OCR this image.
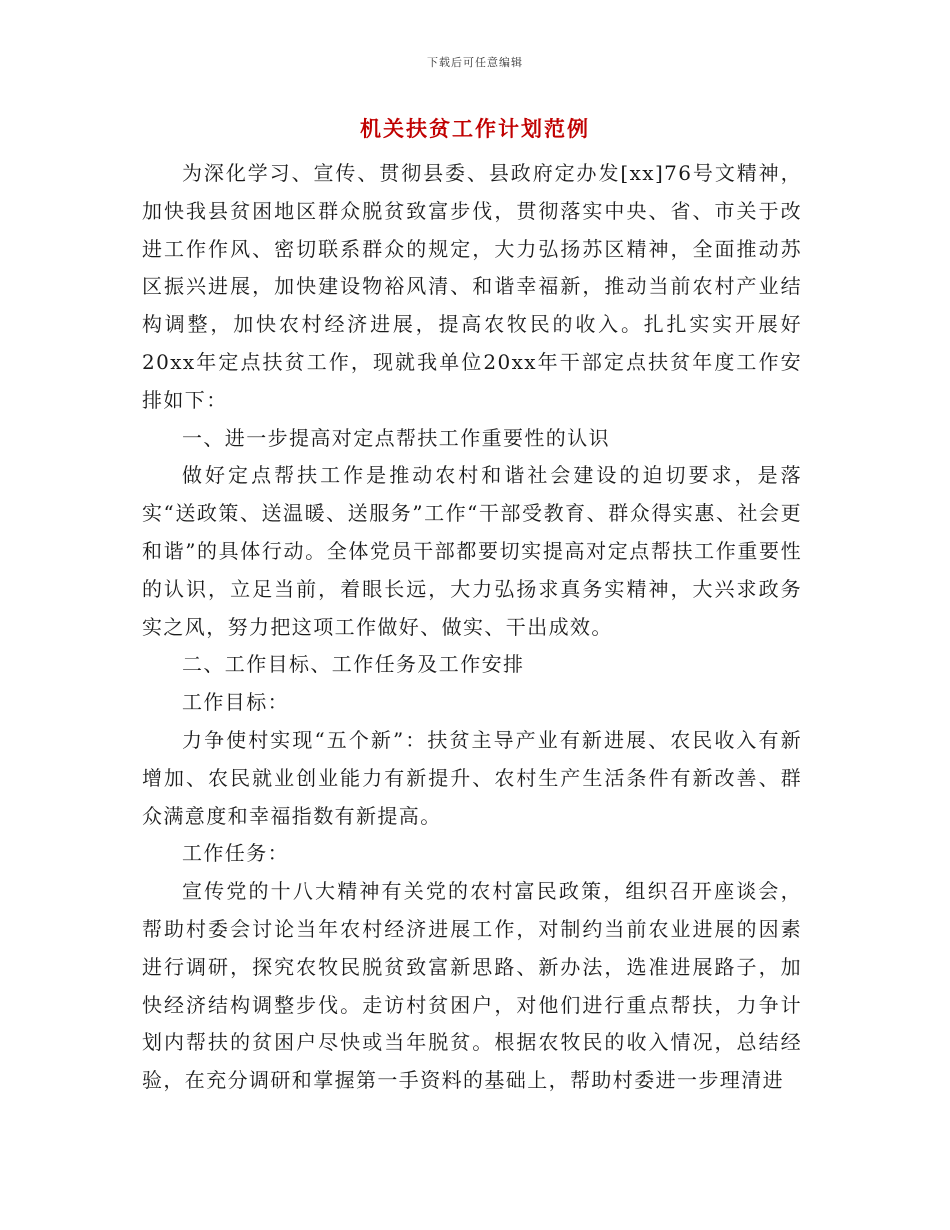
下载后可任意编辑
机关扶贫工作计划范例

为深化学习、宣传、贯彻县委、县政府定办发[xx]76号文精神，加快我县贫困地区群众脱贫致富步伐，贯彻落实中央、省、市关于改进工作作风、密切联系群众的规定，大力弘扬苏区精神，全面推动苏区振兴进展，加快建设物裕风清、和谐幸福新，推动当前农村产业结构调整，加快农村经济进展，提高农牧民的收入。扎扎实实开展好20xx年定点扶贫工作，现就我单位20xx年干部定点扶贫年度工作安排如下：

一、进一步提高对定点帮扶工作重要性的认识

做好定点帮扶工作是推动农村和谐社会建设的迫切要求，是落实“送政策、送温暖、送服务”工作“干部受教育、群众得实惠、社会更和谐”的具体行动。全体党员干部都要切实提高对定点帮扶工作重要性的认识，立足当前，着眼长远，大力弘扬求真务实精神，大兴求政务实之风，努力把这项工作做好、做实、干出成效。

二、工作目标、工作任务及工作安排

工作目标：

力争使村实现“五个新”：扶贫主导产业有新进展、农民收入有新增加、农民就业创业能力有新提升、农村生产生活条件有新改善、群众满意度和幸福指数有新提高。

工作任务：

宣传党的十八大精神有关党的农村富民政策，组织召开座谈会，帮助村委会讨论当年农村经济进展工作，对制约当前农业进展的因素进行调研，探究农牧民脱贫致富新思路、新办法，选准进展路子，加快经济结构调整步伐。走访村贫困户，对他们进行重点帮扶，力争计划内帮扶的贫困户尽快或当年脱贫。根据农牧民的收入情况，总结经验，在充分调研和掌握第一手资料的基础上，帮助村委进一步理清进
